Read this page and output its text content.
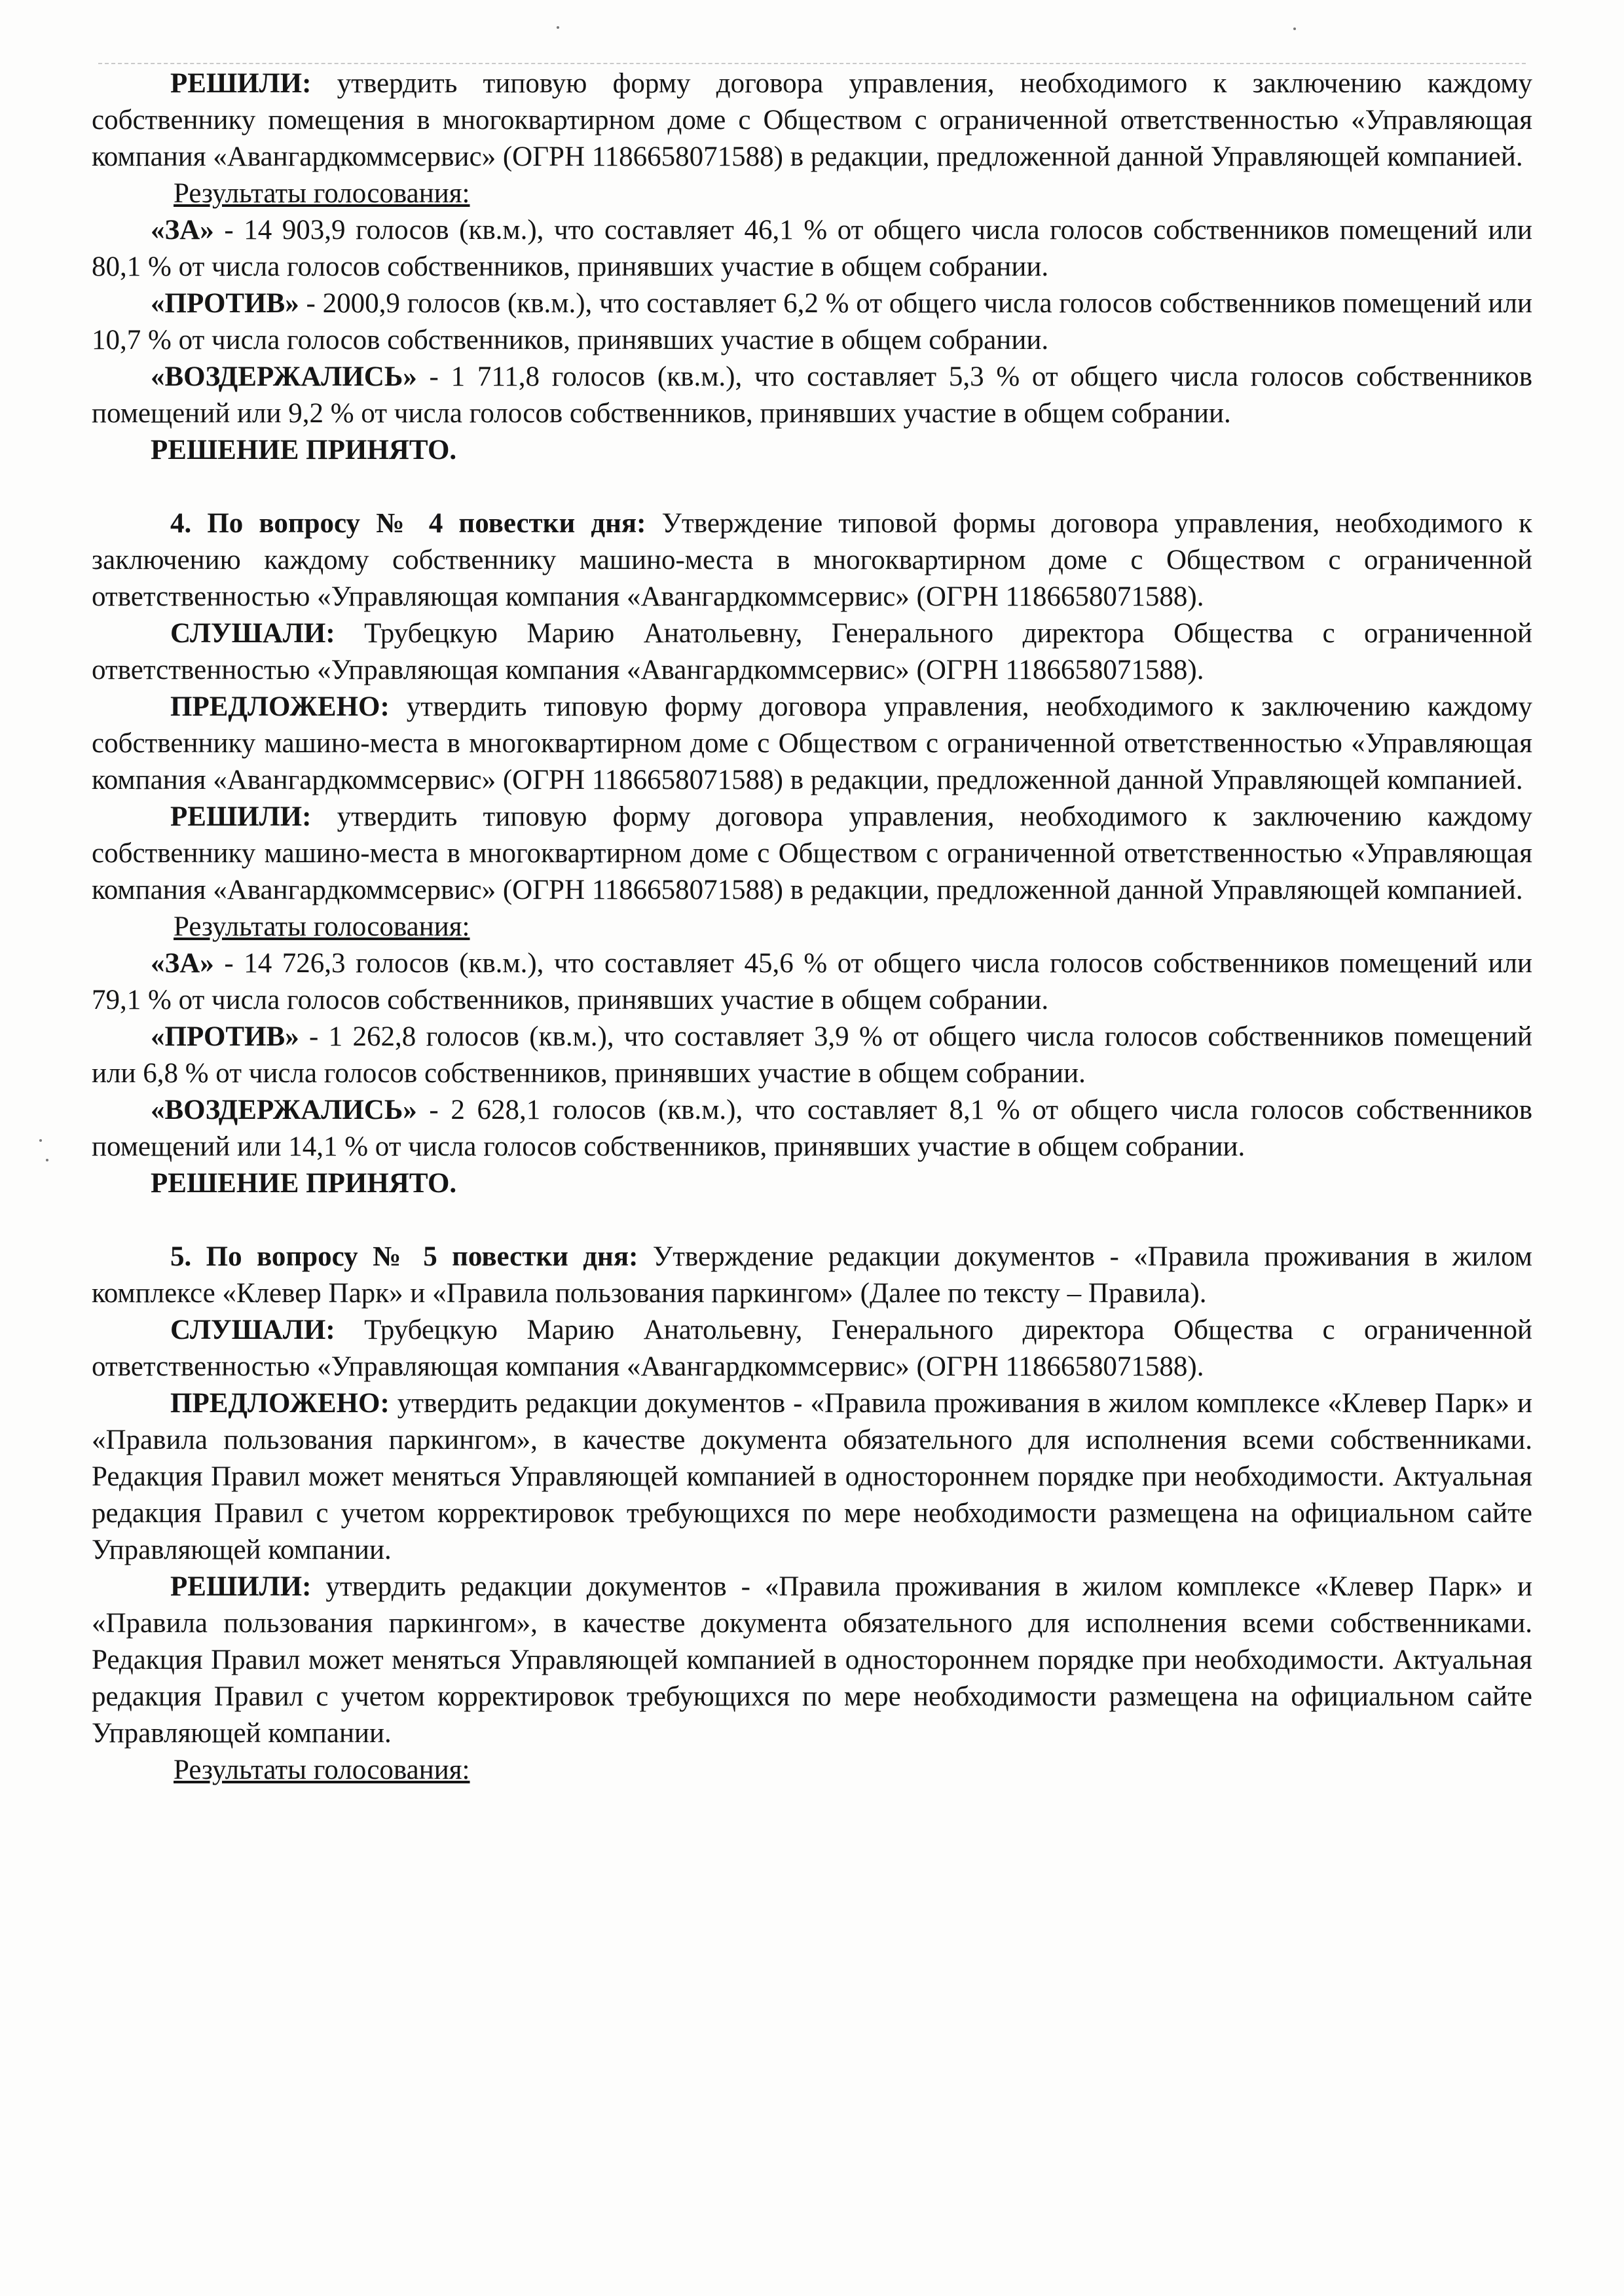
РЕШИЛИ: утвердить типовую форму договора управления, необходимого к заключению каждому собственнику помещения в многоквартирном доме с Обществом с ограниченной ответственностью «Управляющая компания «Авангардкоммсервис» (ОГРН 1186658071588) в редакции, предложенной данной Управляющей компанией.

Результаты голосования:

«ЗА» - 14 903,9 голосов (кв.м.), что составляет 46,1 % от общего числа голосов собственников помещений или 80,1 % от числа голосов собственников, принявших участие в общем собрании.

«ПРОТИВ» - 2000,9 голосов (кв.м.), что составляет 6,2 % от общего числа голосов собственников помещений или 10,7 % от числа голосов собственников, принявших участие в общем собрании.

«ВОЗДЕРЖАЛИСЬ» - 1 711,8 голосов (кв.м.), что составляет 5,3 % от общего числа голосов собственников помещений или 9,2 % от числа голосов собственников, принявших участие в общем собрании.

РЕШЕНИЕ ПРИНЯТО.

4. По вопросу № 4 повестки дня: Утверждение типовой формы договора управления, необходимого к заключению каждому собственнику машино-места в многоквартирном доме с Обществом с ограниченной ответственностью «Управляющая компания «Авангардкоммсервис» (ОГРН 1186658071588).

СЛУШАЛИ: Трубецкую Марию Анатольевну, Генерального директора Общества с ограниченной ответственностью «Управляющая компания «Авангардкоммсервис» (ОГРН 1186658071588).

ПРЕДЛОЖЕНО: утвердить типовую форму договора управления, необходимого к заключению каждому собственнику машино-места в многоквартирном доме с Обществом с ограниченной ответственностью «Управляющая компания «Авангардкоммсервис» (ОГРН 1186658071588) в редакции, предложенной данной Управляющей компанией.

РЕШИЛИ: утвердить типовую форму договора управления, необходимого к заключению каждому собственнику машино-места в многоквартирном доме с Обществом с ограниченной ответственностью «Управляющая компания «Авангардкоммсервис» (ОГРН 1186658071588) в редакции, предложенной данной Управляющей компанией.

Результаты голосования:

«ЗА» - 14 726,3 голосов (кв.м.), что составляет 45,6 % от общего числа голосов собственников помещений или 79,1 % от числа голосов собственников, принявших участие в общем собрании.

«ПРОТИВ» - 1 262,8 голосов (кв.м.), что составляет 3,9 % от общего числа голосов собственников помещений или 6,8 % от числа голосов собственников, принявших участие в общем собрании.

«ВОЗДЕРЖАЛИСЬ» - 2 628,1 голосов (кв.м.), что составляет 8,1 % от общего числа голосов собственников помещений или 14,1 % от числа голосов собственников, принявших участие в общем собрании.

РЕШЕНИЕ ПРИНЯТО.

5. По вопросу № 5 повестки дня: Утверждение редакции документов - «Правила проживания в жилом комплексе «Клевер Парк» и «Правила пользования паркингом» (Далее по тексту – Правила).

СЛУШАЛИ: Трубецкую Марию Анатольевну, Генерального директора Общества с ограниченной ответственностью «Управляющая компания «Авангардкоммсервис» (ОГРН 1186658071588).

ПРЕДЛОЖЕНО: утвердить редакции документов - «Правила проживания в жилом комплексе «Клевер Парк» и «Правила пользования паркингом», в качестве документа обязательного для исполнения всеми собственниками. Редакция Правил может меняться Управляющей компанией в одностороннем порядке при необходимости. Актуальная редакция Правил с учетом корректировок требующихся по мере необходимости размещена на официальном сайте Управляющей компании.

РЕШИЛИ: утвердить редакции документов - «Правила проживания в жилом комплексе «Клевер Парк» и «Правила пользования паркингом», в качестве документа обязательного для исполнения всеми собственниками. Редакция Правил может меняться Управляющей компанией в одностороннем порядке при необходимости. Актуальная редакция Правил с учетом корректировок требующихся по мере необходимости размещена на официальном сайте Управляющей компании.

Результаты голосования:
